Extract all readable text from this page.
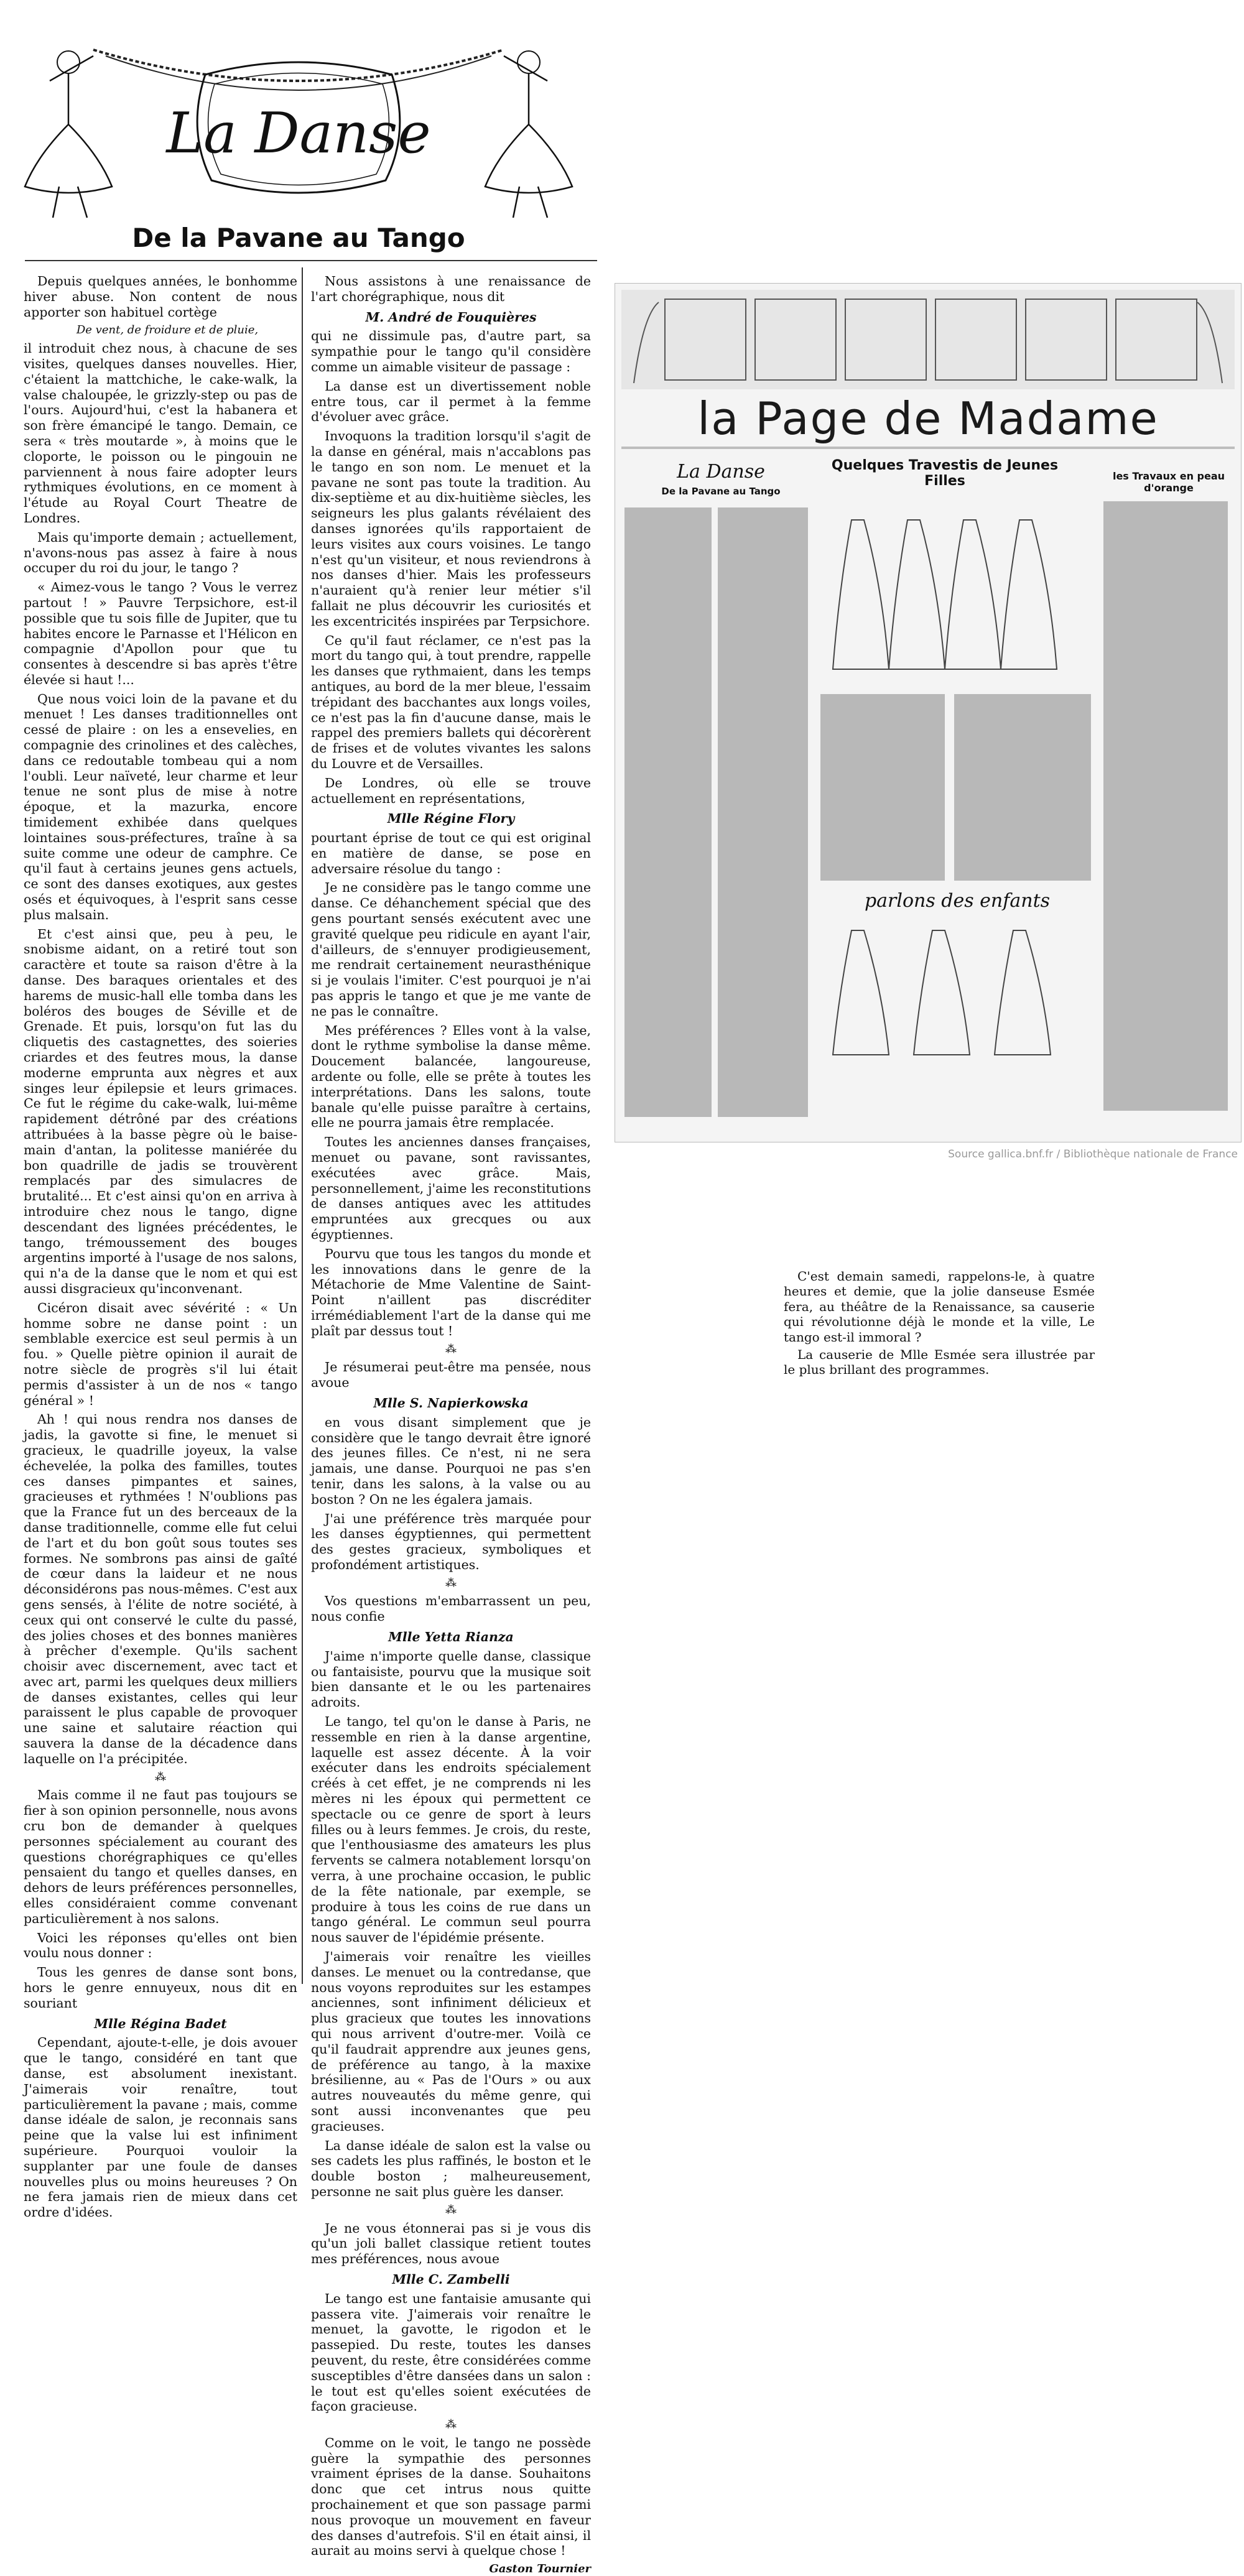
La Danse
De la Pavane au Tango

Depuis quelques années, le bonhomme hiver abuse. Non content de nous apporter son habituel cortège

De vent, de froidure et de pluie,

il introduit chez nous, à chacune de ses visites, quelques danses nouvelles. Hier, c'étaient la mattchiche, le cake-walk, la valse chaloupée, le grizzly-step ou pas de l'ours. Aujourd'hui, c'est la habanera et son frère émancipé le tango. Demain, ce sera « très moutarde », à moins que le cloporte, le poisson ou le pingouin ne parviennent à nous faire adopter leurs rythmiques évolutions, en ce moment à l'étude au Royal Court Theatre de Londres.

Mais qu'importe demain ; actuellement, n'avons-nous pas assez à faire à nous occuper du roi du jour, le tango ?

« Aimez-vous le tango ? Vous le verrez partout ! » Pauvre Terpsichore, est-il possible que tu sois fille de Jupiter, que tu habites encore le Parnasse et l'Hélicon en compagnie d'Apollon pour que tu consentes à descendre si bas après t'être élevée si haut !...

Que nous voici loin de la pavane et du menuet ! Les danses traditionnelles ont cessé de plaire : on les a ensevelies, en compagnie des crinolines et des calèches, dans ce redoutable tombeau qui a nom l'oubli. Leur naïveté, leur charme et leur tenue ne sont plus de mise à notre époque, et la mazurka, encore timidement exhibée dans quelques lointaines sous-préfectures, traîne à sa suite comme une odeur de camphre. Ce qu'il faut à certains jeunes gens actuels, ce sont des danses exotiques, aux gestes osés et équivoques, à l'esprit sans cesse plus malsain.

Et c'est ainsi que, peu à peu, le snobisme aidant, on a retiré tout son caractère et toute sa raison d'être à la danse. Des baraques orientales et des harems de music-hall elle tomba dans les boléros des bouges de Séville et de Grenade. Et puis, lorsqu'on fut las du cliquetis des castagnettes, des soieries criardes et des feutres mous, la danse moderne emprunta aux nègres et aux singes leur épilepsie et leurs grimaces. Ce fut le régime du cake-walk, lui-même rapidement détrôné par des créations attribuées à la basse pègre où le baise-main d'antan, la politesse maniérée du bon quadrille de jadis se trouvèrent remplacés par des simulacres de brutalité... Et c'est ainsi qu'on en arriva à introduire chez nous le tango, digne descendant des lignées précédentes, le tango, trémoussement des bouges argentins importé à l'usage de nos salons, qui n'a de la danse que le nom et qui est aussi disgracieux qu'inconvenant.

Cicéron disait avec sévérité : « Un homme sobre ne danse point : un semblable exercice est seul permis à un fou. » Quelle piètre opinion il aurait de notre siècle de progrès s'il lui était permis d'assister à un de nos « tango général » !

Ah ! qui nous rendra nos danses de jadis, la gavotte si fine, le menuet si gracieux, le quadrille joyeux, la valse échevelée, la polka des familles, toutes ces danses pimpantes et saines, gracieuses et rythmées ! N'oublions pas que la France fut un des berceaux de la danse traditionnelle, comme elle fut celui de l'art et du bon goût sous toutes ses formes. Ne sombrons pas ainsi de gaîté de cœur dans la laideur et ne nous déconsidérons pas nous-mêmes. C'est aux gens sensés, à l'élite de notre société, à ceux qui ont conservé le culte du passé, des jolies choses et des bonnes manières à prêcher d'exemple. Qu'ils sachent choisir avec discernement, avec tact et avec art, parmi les quelques deux milliers de danses existantes, celles qui leur paraissent le plus capable de provoquer une saine et salutaire réaction qui sauvera la danse de la décadence dans laquelle on l'a précipitée.

⁂

Mais comme il ne faut pas toujours se fier à son opinion personnelle, nous avons cru bon de demander à quelques personnes spécialement au courant des questions chorégraphiques ce qu'elles pensaient du tango et quelles danses, en dehors de leurs préférences personnelles, elles considéraient comme convenant particulièrement à nos salons.

Voici les réponses qu'elles ont bien voulu nous donner :

Tous les genres de danse sont bons, hors le genre ennuyeux, nous dit en souriant

Mlle Régina Badet

Cependant, ajoute-t-elle, je dois avouer que le tango, considéré en tant que danse, est absolument inexistant. J'aimerais voir renaître, tout particulièrement la pavane ; mais, comme danse idéale de salon, je reconnais sans peine que la valse lui est infiniment supérieure. Pourquoi vouloir la supplanter par une foule de danses nouvelles plus ou moins heureuses ? On ne fera jamais rien de mieux dans cet ordre d'idées.

Nous assistons à une renaissance de l'art chorégraphique, nous dit

M. André de Fouquières

qui ne dissimule pas, d'autre part, sa sympathie pour le tango qu'il considère comme un aimable visiteur de passage :

La danse est un divertissement noble entre tous, car il permet à la femme d'évoluer avec grâce.

Invoquons la tradition lorsqu'il s'agit de la danse en général, mais n'accablons pas le tango en son nom. Le menuet et la pavane ne sont pas toute la tradition. Au dix-septième et au dix-huitième siècles, les seigneurs les plus galants révélaient des danses ignorées qu'ils rapportaient de leurs visites aux cours voisines. Le tango n'est qu'un visiteur, et nous reviendrons à nos danses d'hier. Mais les professeurs n'auraient qu'à renier leur métier s'il fallait ne plus découvrir les curiosités et les excentricités inspirées par Terpsichore.

Ce qu'il faut réclamer, ce n'est pas la mort du tango qui, à tout prendre, rappelle les danses que rythmaient, dans les temps antiques, au bord de la mer bleue, l'essaim trépidant des bacchantes aux longs voiles, ce n'est pas la fin d'aucune danse, mais le rappel des premiers ballets qui décorèrent de frises et de volutes vivantes les salons du Louvre et de Versailles.

De Londres, où elle se trouve actuellement en représentations,

Mlle Régine Flory

pourtant éprise de tout ce qui est original en matière de danse, se pose en adversaire résolue du tango :

Je ne considère pas le tango comme une danse. Ce déhanchement spécial que des gens pourtant sensés exécutent avec une gravité quelque peu ridicule en ayant l'air, d'ailleurs, de s'ennuyer prodigieusement, me rendrait certainement neurasthénique si je voulais l'imiter. C'est pourquoi je n'ai pas appris le tango et que je me vante de ne pas le connaître.

Mes préférences ? Elles vont à la valse, dont le rythme symbolise la danse même. Doucement balancée, langoureuse, ardente ou folle, elle se prête à toutes les interprétations. Dans les salons, toute banale qu'elle puisse paraître à certains, elle ne pourra jamais être remplacée.

Toutes les anciennes danses françaises, menuet ou pavane, sont ravissantes, exécutées avec grâce. Mais, personnellement, j'aime les reconstitutions de danses antiques avec les attitudes empruntées aux grecques ou aux égyptiennes.

Pourvu que tous les tangos du monde et les innovations dans le genre de la Métachorie de Mme Valentine de Saint-Point n'aillent pas discréditer irrémédiablement l'art de la danse qui me plaît par dessus tout !

⁂

Je résumerai peut-être ma pensée, nous avoue

Mlle S. Napierkowska

en vous disant simplement que je considère que le tango devrait être ignoré des jeunes filles. Ce n'est, ni ne sera jamais, une danse. Pourquoi ne pas s'en tenir, dans les salons, à la valse ou au boston ? On ne les égalera jamais.

J'ai une préférence très marquée pour les danses égyptiennes, qui permettent des gestes gracieux, symboliques et profondément artistiques.

⁂

Vos questions m'embarrassent un peu, nous confie

Mlle Yetta Rianza

J'aime n'importe quelle danse, classique ou fantaisiste, pourvu que la musique soit bien dansante et le ou les partenaires adroits.

Le tango, tel qu'on le danse à Paris, ne ressemble en rien à la danse argentine, laquelle est assez décente. À la voir exécuter dans les endroits spécialement créés à cet effet, je ne comprends ni les mères ni les époux qui permettent ce spectacle ou ce genre de sport à leurs filles ou à leurs femmes. Je crois, du reste, que l'enthousiasme des amateurs les plus fervents se calmera notablement lorsqu'on verra, à une prochaine occasion, le public de la fête nationale, par exemple, se produire à tous les coins de rue dans un tango général. Le commun seul pourra nous sauver de l'épidémie présente.

J'aimerais voir renaître les vieilles danses. Le menuet ou la contredanse, que nous voyons reproduites sur les estampes anciennes, sont infiniment délicieux et plus gracieux que toutes les innovations qui nous arrivent d'outre-mer. Voilà ce qu'il faudrait apprendre aux jeunes gens, de préférence au tango, à la maxixe brésilienne, au « Pas de l'Ours » ou aux autres nouveautés du même genre, qui sont aussi inconvenantes que peu gracieuses.

La danse idéale de salon est la valse ou ses cadets les plus raffinés, le boston et le double boston ; malheureusement, personne ne sait plus guère les danser.

⁂

Je ne vous étonnerai pas si je vous dis qu'un joli ballet classique retient toutes mes préférences, nous avoue

Mlle C. Zambelli

Le tango est une fantaisie amusante qui passera vite. J'aimerais voir renaître le menuet, la gavotte, le rigodon et le passepied. Du reste, toutes les danses peuvent, du reste, être considérées comme susceptibles d'être dansées dans un salon : le tout est qu'elles soient exécutées de façon gracieuse.

⁂

Comme on le voit, le tango ne possède guère la sympathie des personnes vraiment éprises de la danse. Souhaitons donc que cet intrus nous quitte prochainement et que son passage parmi nous provoque un mouvement en faveur des danses d'autrefois. S'il en était ainsi, il aurait au moins servi à quelque chose !

Gaston Tournier
la Page de Madame
La Danse
De la Pavane au Tango
Quelques Travestis de Jeunes Filles	les Travaux en peau d'orange
parlons des enfants
Source gallica.bnf.fr / Bibliothèque nationale de France

C'est demain samedi, rappelons-le, à quatre heures et demie, que la jolie danseuse Esmée fera, au théâtre de la Renaissance, sa causerie qui révolutionne déjà le monde et la ville, Le tango est-il immoral ?

La causerie de Mlle Esmée sera illustrée par le plus brillant des programmes.
